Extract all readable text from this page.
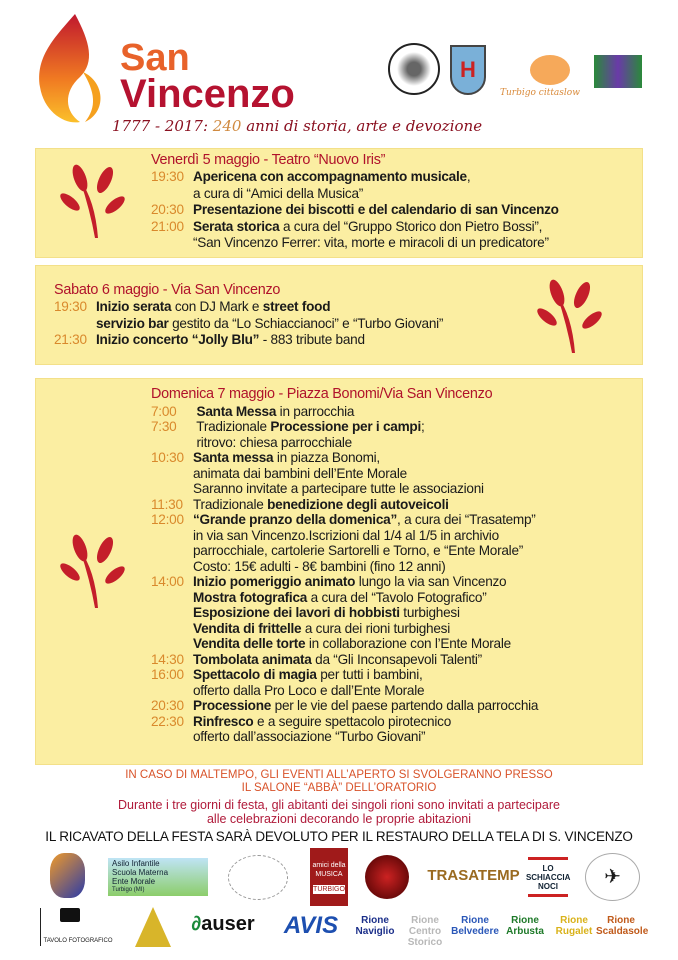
San
Vincenzo
1777 - 2017: 240 anni di storia, arte e devozione
H
Turbigo cittaslow
Venerdì 5 maggio - Teatro “Nuovo Iris”
19:30 Apericena con accompagnamento musicale,
a cura di “Amici della Musica”
20:30 Presentazione dei biscotti e del calendario di san Vincenzo
21:00 Serata storica a cura del “Gruppo Storico don Pietro Bossi”,
“San Vincenzo Ferrer: vita, morte e miracoli di un predicatore”
Sabato 6 maggio - Via San Vincenzo
19:30 Inizio serata con DJ Mark e street food
servizio bar gestito da “Lo Schiaccianoci” e “Turbo Giovani”
21:30 Inizio concerto “Jolly Blu” - 883 tribute band
Domenica 7 maggio - Piazza Bonomi/Via San Vincenzo
7:00	Santa Messa in parrocchia
7:30	Tradizionale Processione per i campi;
ritrovo: chiesa parrocchiale
10:30 Santa messa in piazza Bonomi,
animata dai bambini dell’Ente Morale
Saranno invitate a partecipare tutte le associazioni
11:30 Tradizionale benedizione degli autoveicoli
12:00 “Grande pranzo della domenica”, a cura dei “Trasatemp”
in via san Vincenzo.Iscrizioni dal 1/4 al 1/5 in archivio
parrocchiale, cartolerie Sartorelli e Torno, e “Ente Morale”
Costo: 15€ adulti - 8€ bambini (fino 12 anni)
14:00 Inizio pomeriggio animato lungo la via san Vincenzo
Mostra fotografica a cura del “Tavolo Fotografico”
Esposizione dei lavori di hobbisti turbighesi
Vendita di frittelle a cura dei rioni turbighesi
Vendita delle torte in collaborazione con l’Ente Morale
14:30 Tombolata animata da “Gli Inconsapevoli Talenti”
16:00 Spettacolo di magia per tutti i bambini,
offerto dalla Pro Loco e dall’Ente Morale
20:30 Processione per le vie del paese partendo dalla parrocchia
22:30 Rinfresco e a seguire spettacolo pirotecnico
offerto dall’associazione “Turbo Giovani”
IN CASO DI MALTEMPO, GLI EVENTI ALL’APERTO SI SVOLGERANNO PRESSO
IL SALONE “ABBÀ” DELL’ORATORIO
Durante i tre giorni di festa, gli abitanti dei singoli rioni sono invitati a partecipare
alle celebrazioni decorando le proprie abitazioni
IL RICAVATO DELLA FESTA SARÀ DEVOLUTO PER IL RESTAURO DELLA TELA DI S. VINCENZO
Asilo Infantile Scuola Materna Ente Morale
Turbigo (MI)
amici della MUSICA
TURBIGO
TRASATEMP	LO SCHIACCIA NOCI	✈
TAVOLO FOTOGRAFICO
∂ auser AVIS	Rione Naviglio
Rione Centro Storico
Rione Belvedere
Rione Arbusta
Rione Rugalet
Rione Scaldasole
